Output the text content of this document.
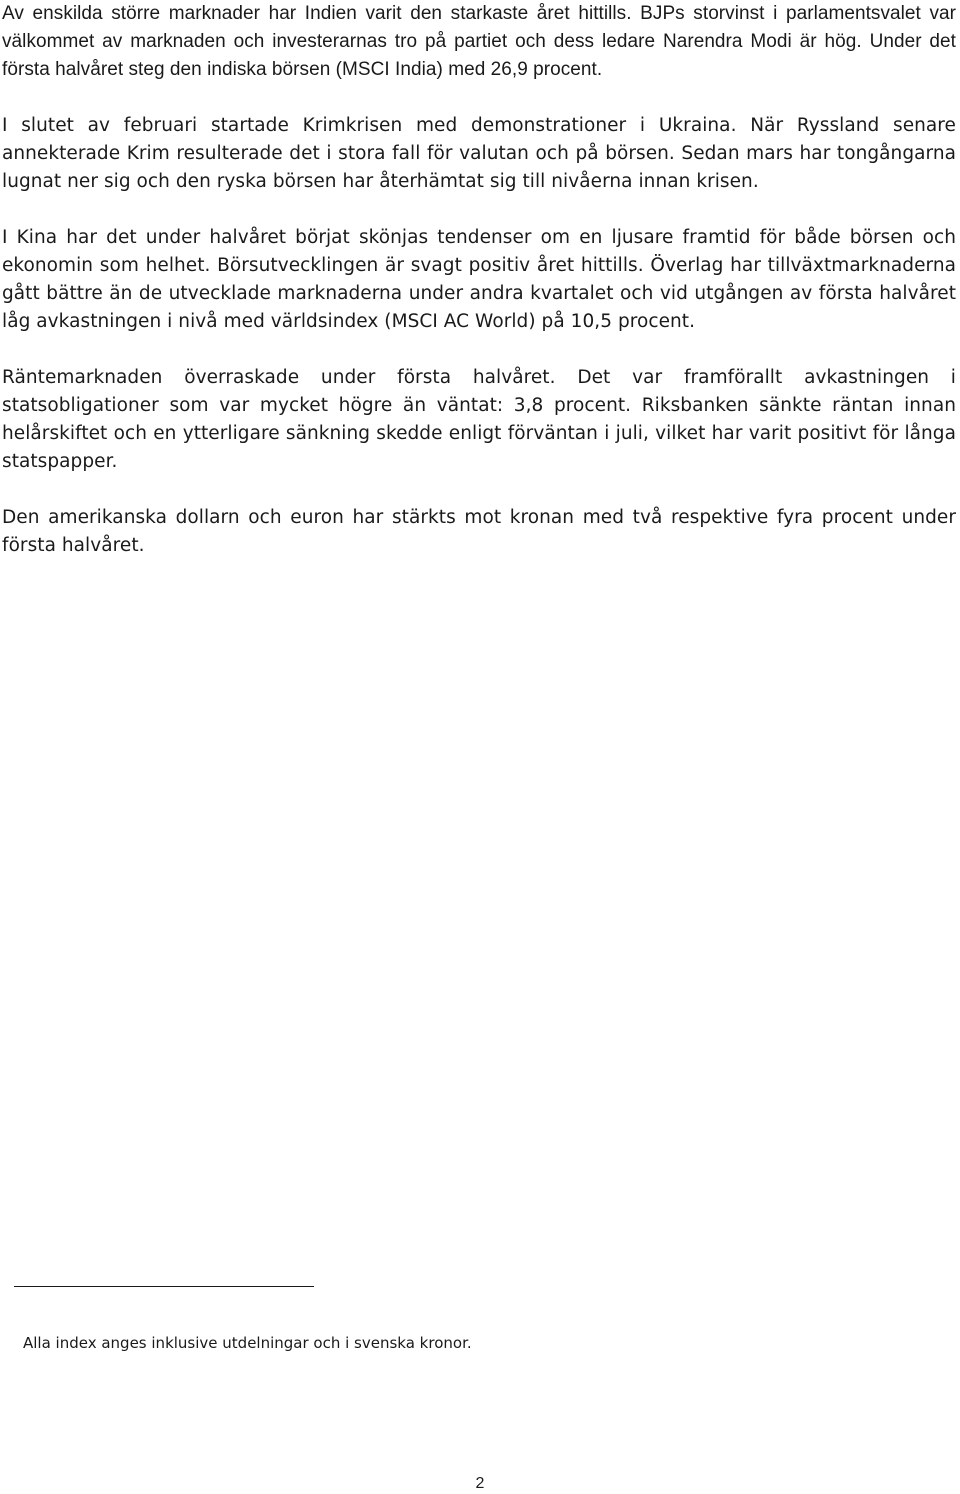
Av enskilda större marknader har Indien varit den starkaste året hittills. BJPs storvinst i parlamentsvalet var välkommet av marknaden och investerarnas tro på partiet och dess ledare Narendra Modi är hög. Under det första halvåret steg den indiska börsen (MSCI India) med 26,9 procent.

I slutet av februari startade Krimkrisen med demonstrationer i Ukraina. När Ryssland senare annekterade Krim resulterade det i stora fall för valutan och på börsen. Sedan mars har tongångarna lugnat ner sig och den ryska börsen har återhämtat sig till nivåerna innan krisen.

I Kina har det under halvåret börjat skönjas tendenser om en ljusare framtid för både börsen och ekonomin som helhet. Börsutvecklingen är svagt positiv året hittills. Överlag har tillväxtmarknaderna gått bättre än de utvecklade marknaderna under andra kvartalet och vid utgången av första halvåret låg avkastningen i nivå med världsindex (MSCI AC World) på 10,5 procent.

Räntemarknaden överraskade under första halvåret. Det var framförallt avkastningen i statsobligationer som var mycket högre än väntat: 3,8 procent. Riksbanken sänkte räntan innan helårskiftet och en ytterligare sänkning skedde enligt förväntan i juli, vilket har varit positivt för långa statspapper.

Den amerikanska dollarn och euron har stärkts mot kronan med två respektive fyra procent under första halvåret.

Alla index anges inklusive utdelningar och i svenska kronor.

2
